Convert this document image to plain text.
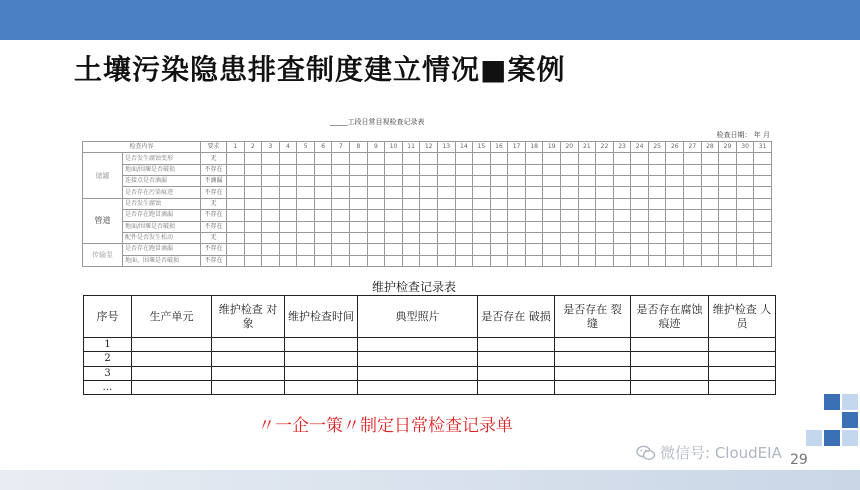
土壤污染隐患排查制度建立情况■案例
_____工段日常目视检查记录表
检查日期： 年 月
检查内容		要求	1	2	3	4	5	6	7	8	9	10	11	12	13	14	15	16	17	18	19	20	21	22	23	24	25	26	27	28	29	30	31
储罐	是否发生腐蚀变形	无																															
	地面/围堰是否破损	不存在																															
	连接点是否滴漏	不滴漏																															
	是否存在污染痕迹	不存在																															
管道	是否发生腐蚀	无																															
	是否存在跑冒滴漏	不存在																															
	地面/围堰是否破损	不存在																															
	配件是否发生松动	无																															
传输泵	是否存在跑冒滴漏	不存在																															
	地面、围堰是否破损	不存在																															
维护检查记录表
序号	生产单元	维护检查 对象	维护检查时间	典型照片	是否存在 破损	是否存在 裂缝	是否存在腐蚀痕迹	维护检查 人员
1								
2								
3								
…								
〃一企一策〃制定日常检查记录单
29
微信号: CloudEIA
